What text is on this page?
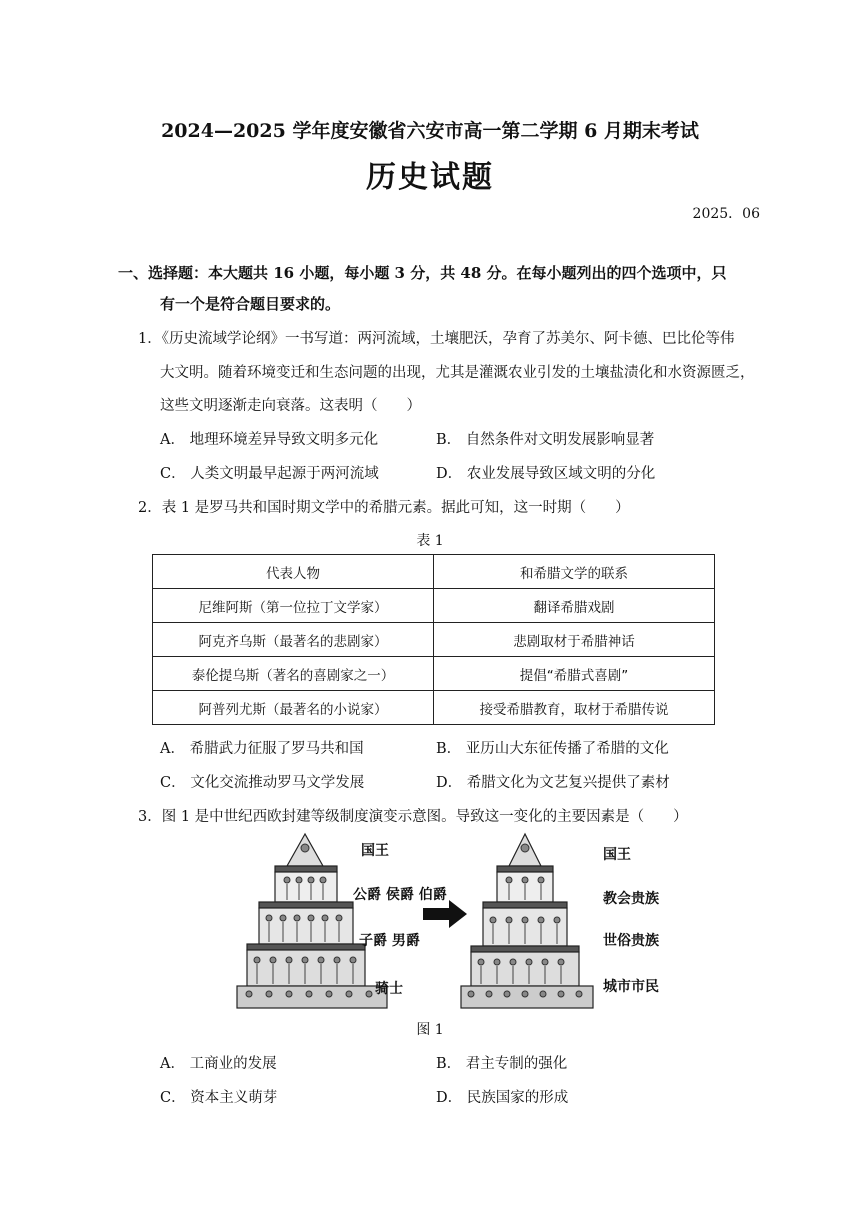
2024—2025 学年度安徽省六安市高一第二学期 6 月期末考试
历史试题
2025．06
一、选择题：本大题共 16 小题，每小题 3 分，共 48 分。在每小题列出的四个选项中，只
有一个是符合题目要求的。
1．《历史流域学论纲》一书写道：两河流域，土壤肥沃，孕育了苏美尔、阿卡德、巴比伦等伟
大文明。随着环境变迁和生态问题的出现，尤其是灌溉农业引发的土壤盐渍化和水资源匮乏，
这些文明逐渐走向衰落。这表明（　　）
A． 地理环境差异导致文明多元化	B． 自然条件对文明发展影响显著
C． 人类文明最早起源于两河流域	D． 农业发展导致区域文明的分化
2．表 1 是罗马共和国时期文学中的希腊元素。据此可知，这一时期（　　）
表 1
代表人物	和希腊文学的联系
尼维阿斯（第一位拉丁文学家）	翻译希腊戏剧
阿克齐乌斯（最著名的悲剧家）	悲剧取材于希腊神话
泰伦提乌斯（著名的喜剧家之一）	提倡“希腊式喜剧”
阿普列尤斯（最著名的小说家）	接受希腊教育，取材于希腊传说
A． 希腊武力征服了罗马共和国	B． 亚历山大东征传播了希腊的文化
C． 文化交流推动罗马文学发展	D． 希腊文化为文艺复兴提供了素材
3．图 1 是中世纪西欧封建等级制度演变示意图。导致这一变化的主要因素是（　　）
国王
公爵 侯爵 伯爵
子爵 男爵
骑士
国王
教会贵族
世俗贵族
城市市民
图 1
A． 工商业的发展	B． 君主专制的强化
C． 资本主义萌芽	D． 民族国家的形成
